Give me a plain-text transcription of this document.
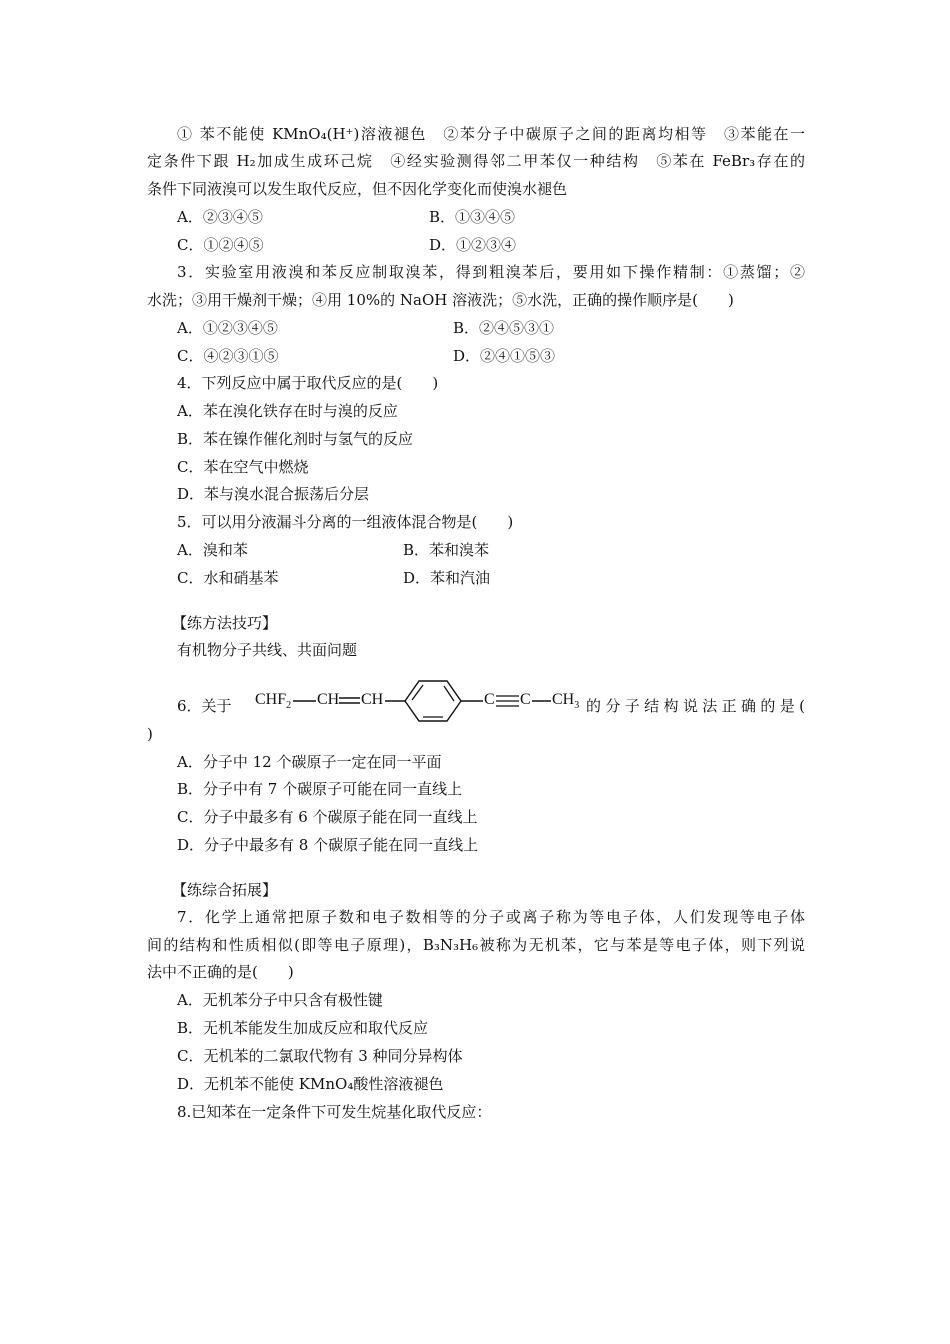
① 苯不能使 KMnO₄(H⁺)溶液褪色　②苯分子中碳原子之间的距离均相等　③苯能在一
定条件下跟 H₂加成生成环己烷　④经实验测得邻二甲苯仅一种结构　⑤苯在 FeBr₃存在的
条件下同液溴可以发生取代反应，但不因化学变化而使溴水褪色
A．②③④⑤	B．①③④⑤
C．①②④⑤	D．①②③④
3．实验室用液溴和苯反应制取溴苯，得到粗溴苯后，要用如下操作精制：①蒸馏；②
水洗；③用干燥剂干燥；④用 10%的 NaOH 溶液洗；⑤水洗，正确的操作顺序是(　　)
A．①②③④⑤	B．②④⑤③①
C．④②③①⑤	D．②④①⑤③
4．下列反应中属于取代反应的是(　　)
A．苯在溴化铁存在时与溴的反应
B．苯在镍作催化剂时与氢气的反应
C．苯在空气中燃烧
D．苯与溴水混合振荡后分层
5．可以用分液漏斗分离的一组液体混合物是(　　)
A．溴和苯	B．苯和溴苯
C．水和硝基苯	D．苯和汽油
【练方法技巧】
有机物分子共线、共面问题
6．关于 $CHF_2$ CH CH	C C $CH_3$ 的分子结构说法正确的是(
)
A．分子中 12 个碳原子一定在同一平面
B．分子中有 7 个碳原子可能在同一直线上
C．分子中最多有 6 个碳原子能在同一直线上
D．分子中最多有 8 个碳原子能在同一直线上
【练综合拓展】
7．化学上通常把原子数和电子数相等的分子或离子称为等电子体，人们发现等电子体
间的结构和性质相似(即等电子原理)，B₃N₃H₆被称为无机苯，它与苯是等电子体，则下列说
法中不正确的是(　　)
A．无机苯分子中只含有极性键
B．无机苯能发生加成反应和取代反应
C．无机苯的二氯取代物有 3 种同分异构体
D．无机苯不能使 KMnO₄酸性溶液褪色
8.已知苯在一定条件下可发生烷基化取代反应：
